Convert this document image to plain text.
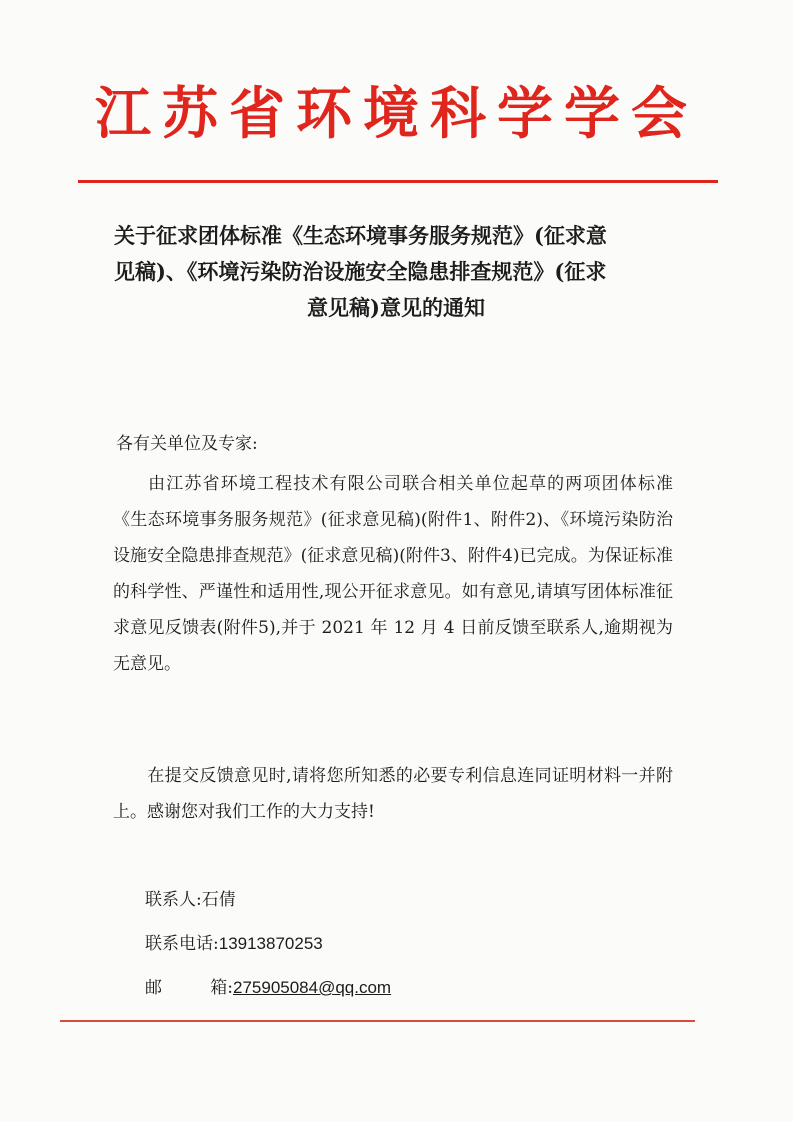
江苏省环境科学学会
关于征求团体标准《生态环境事务服务规范》(征求意
见稿)、《环境污染防治设施安全隐患排查规范》(征求
意见稿)意见的通知
各有关单位及专家:
由江苏省环境工程技术有限公司联合相关单位起草的两项团体标准《生态环境事务服务规范》(征求意见稿)(附件1、附件2)、《环境污染防治设施安全隐患排查规范》(征求意见稿)(附件3、附件4)已完成。为保证标准的科学性、严谨性和适用性,现公开征求意见。如有意见,请填写团体标准征求意见反馈表(附件5),并于 2021 年 12 月 4 日前反馈至联系人,逾期视为无意见。
在提交反馈意见时,请将您所知悉的必要专利信息连同证明材料一并附上。感谢您对我们工作的大力支持!
联系人:石倩
联系电话:13913870253
邮	箱: 275905084@qq.com
